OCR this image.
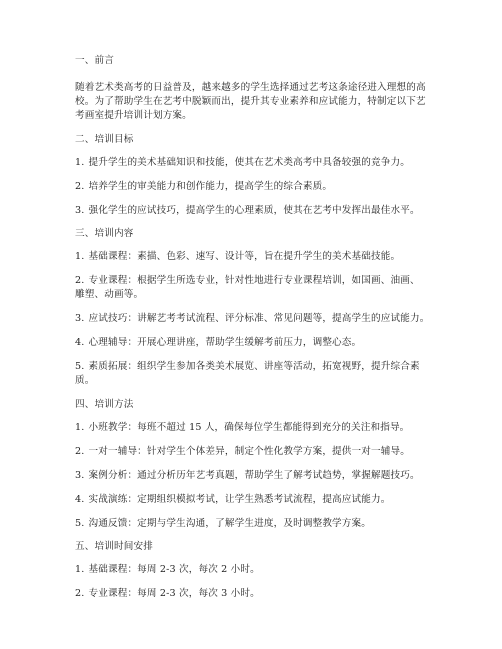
一、前言
随着艺术类高考的日益普及，越来越多的学生选择通过艺考这条途径进入理想的高
校。为了帮助学生在艺考中脱颖而出，提升其专业素养和应试能力，特制定以下艺
考画室提升培训计划方案。
二、培训目标
1. 提升学生的美术基础知识和技能，使其在艺术类高考中具备较强的竞争力。
2. 培养学生的审美能力和创作能力，提高学生的综合素质。
3. 强化学生的应试技巧，提高学生的心理素质，使其在艺考中发挥出最佳水平。
三、培训内容
1. 基础课程：素描、色彩、速写、设计等，旨在提升学生的美术基础技能。
2. 专业课程：根据学生所选专业，针对性地进行专业课程培训，如国画、油画、
雕塑、动画等。
3. 应试技巧：讲解艺考考试流程、评分标准、常见问题等，提高学生的应试能力。
4. 心理辅导：开展心理讲座，帮助学生缓解考前压力，调整心态。
5. 素质拓展：组织学生参加各类美术展览、讲座等活动，拓宽视野，提升综合素
质。
四、培训方法
1. 小班教学：每班不超过 15 人，确保每位学生都能得到充分的关注和指导。
2. 一对一辅导：针对学生个体差异，制定个性化教学方案，提供一对一辅导。
3. 案例分析：通过分析历年艺考真题，帮助学生了解考试趋势，掌握解题技巧。
4. 实战演练：定期组织模拟考试，让学生熟悉考试流程，提高应试能力。
5. 沟通反馈：定期与学生沟通，了解学生进度，及时调整教学方案。
五、培训时间安排
1. 基础课程：每周 2-3 次，每次 2 小时。
2. 专业课程：每周 2-3 次，每次 3 小时。
